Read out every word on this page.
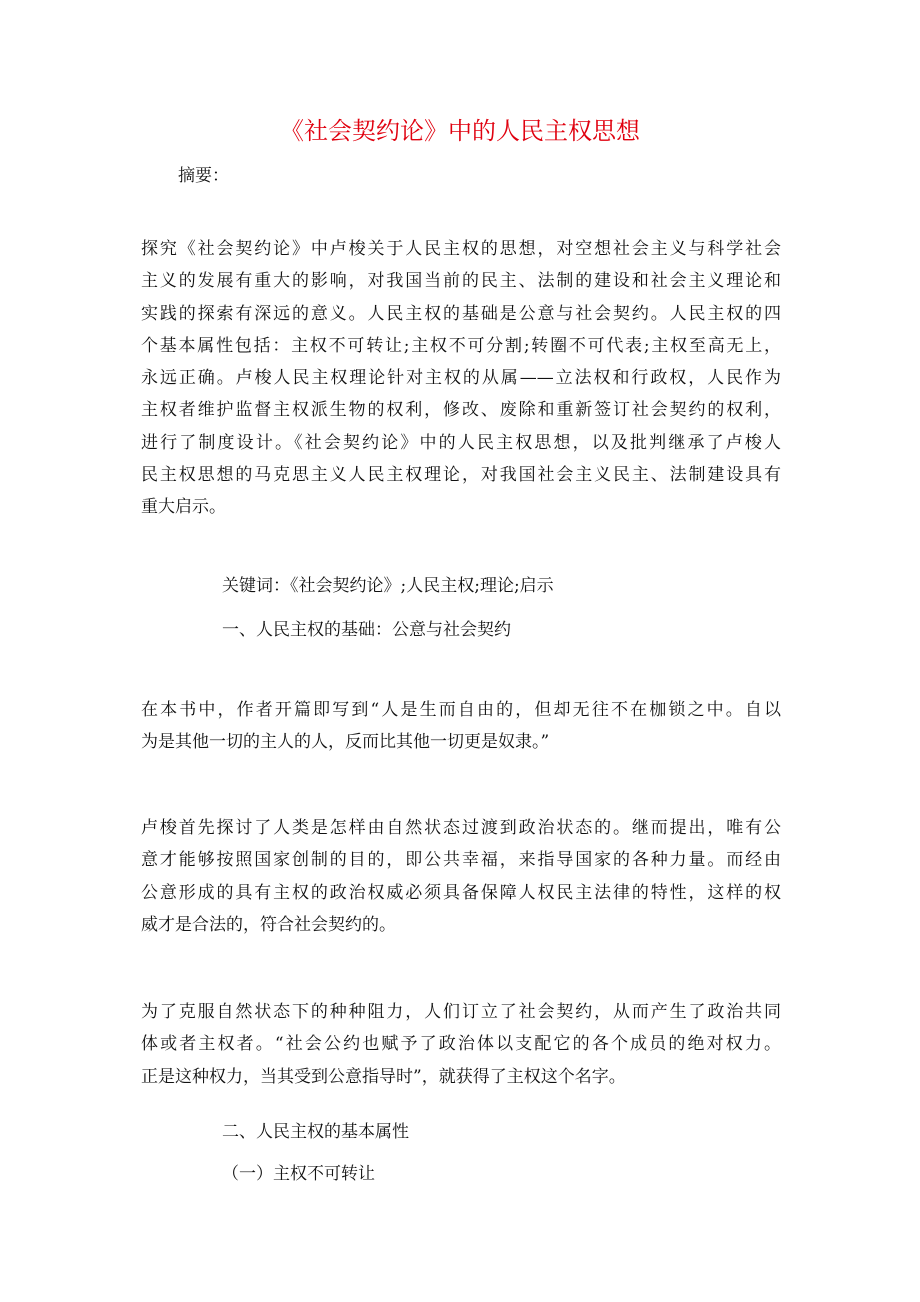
《社会契约论》中的人民主权思想

摘要：

探究《社会契约论》中卢梭关于人民主权的思想，对空想社会主义与科学社会
主义的发展有重大的影响，对我国当前的民主、法制的建设和社会主义理论和
实践的探索有深远的意义。人民主权的基础是公意与社会契约。人民主权的四
个基本属性包括：主权不可转让;主权不可分割;转圈不可代表;主权至高无上，
永远正确。卢梭人民主权理论针对主权的从属——立法权和行政权，人民作为
主权者维护监督主权派生物的权利，修改、废除和重新签订社会契约的权利，
进行了制度设计。《社会契约论》中的人民主权思想，以及批判继承了卢梭人
民主权思想的马克思主义人民主权理论，对我国社会主义民主、法制建设具有
重大启示。

关键词：《社会契约论》;人民主权;理论;启示

一、人民主权的基础：公意与社会契约

在本书中，作者开篇即写到“人是生而自由的，但却无往不在枷锁之中。自以
为是其他一切的主人的人，反而比其他一切更是奴隶。”
卢梭首先探讨了人类是怎样由自然状态过渡到政治状态的。继而提出，唯有公
意才能够按照国家创制的目的，即公共幸福，来指导国家的各种力量。而经由
公意形成的具有主权的政治权威必须具备保障人权民主法律的特性，这样的权
威才是合法的，符合社会契约的。
为了克服自然状态下的种种阻力，人们订立了社会契约，从而产生了政治共同
体或者主权者。“社会公约也赋予了政治体以支配它的各个成员的绝对权力。
正是这种权力，当其受到公意指导时”，就获得了主权这个名字。

二、人民主权的基本属性

（一）主权不可转让
